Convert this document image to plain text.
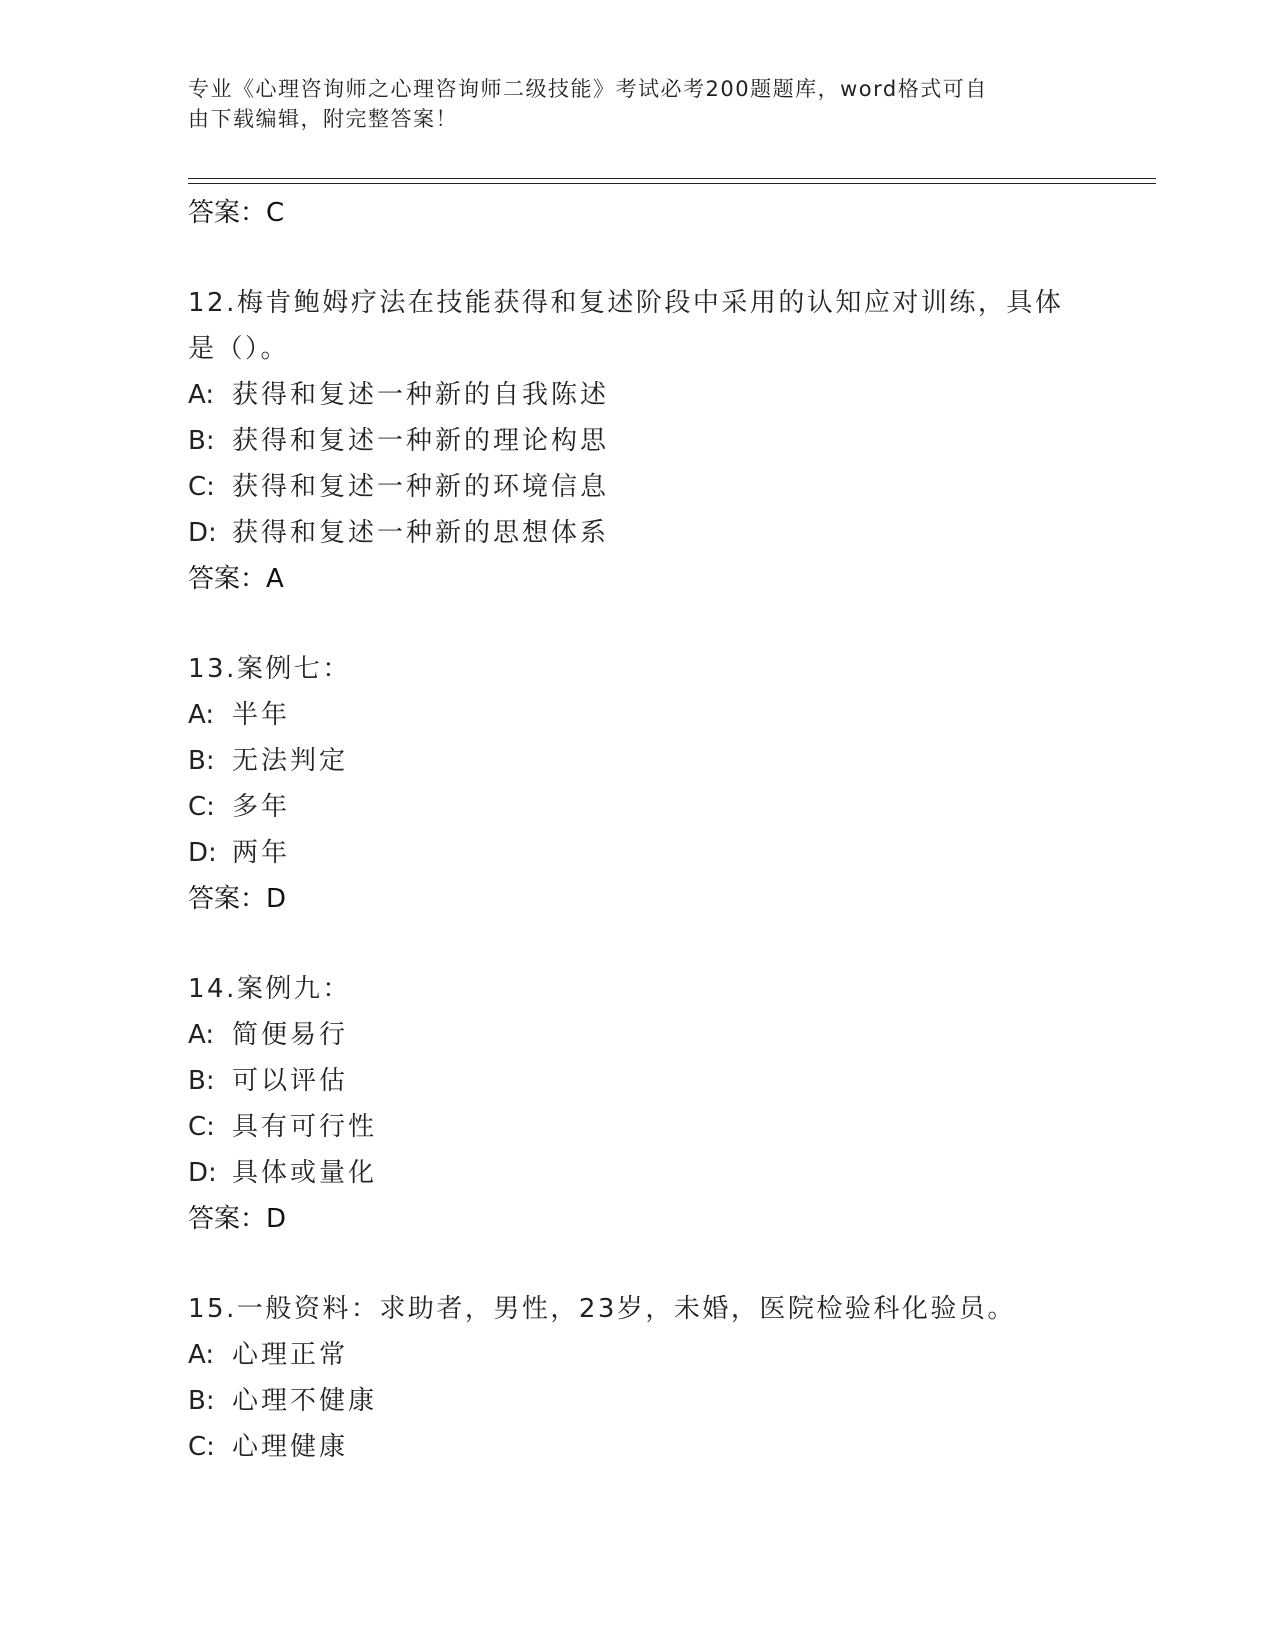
专业《心理咨询师之心理咨询师二级技能》考试必考200题题库，word格式可自
由下载编辑，附完整答案！
答案：C
12.梅肯鲍姆疗法在技能获得和复述阶段中采用的认知应对训练，具体
是（）。
A: 获得和复述一种新的自我陈述
B: 获得和复述一种新的理论构思
C: 获得和复述一种新的环境信息
D: 获得和复述一种新的思想体系
答案：A
13.案例七：
A: 半年
B: 无法判定
C: 多年
D: 两年
答案：D
14.案例九：
A: 简便易行
B: 可以评估
C: 具有可行性
D: 具体或量化
答案：D
15.一般资料：求助者，男性，23岁，未婚，医院检验科化验员。
A: 心理正常
B: 心理不健康
C: 心理健康
